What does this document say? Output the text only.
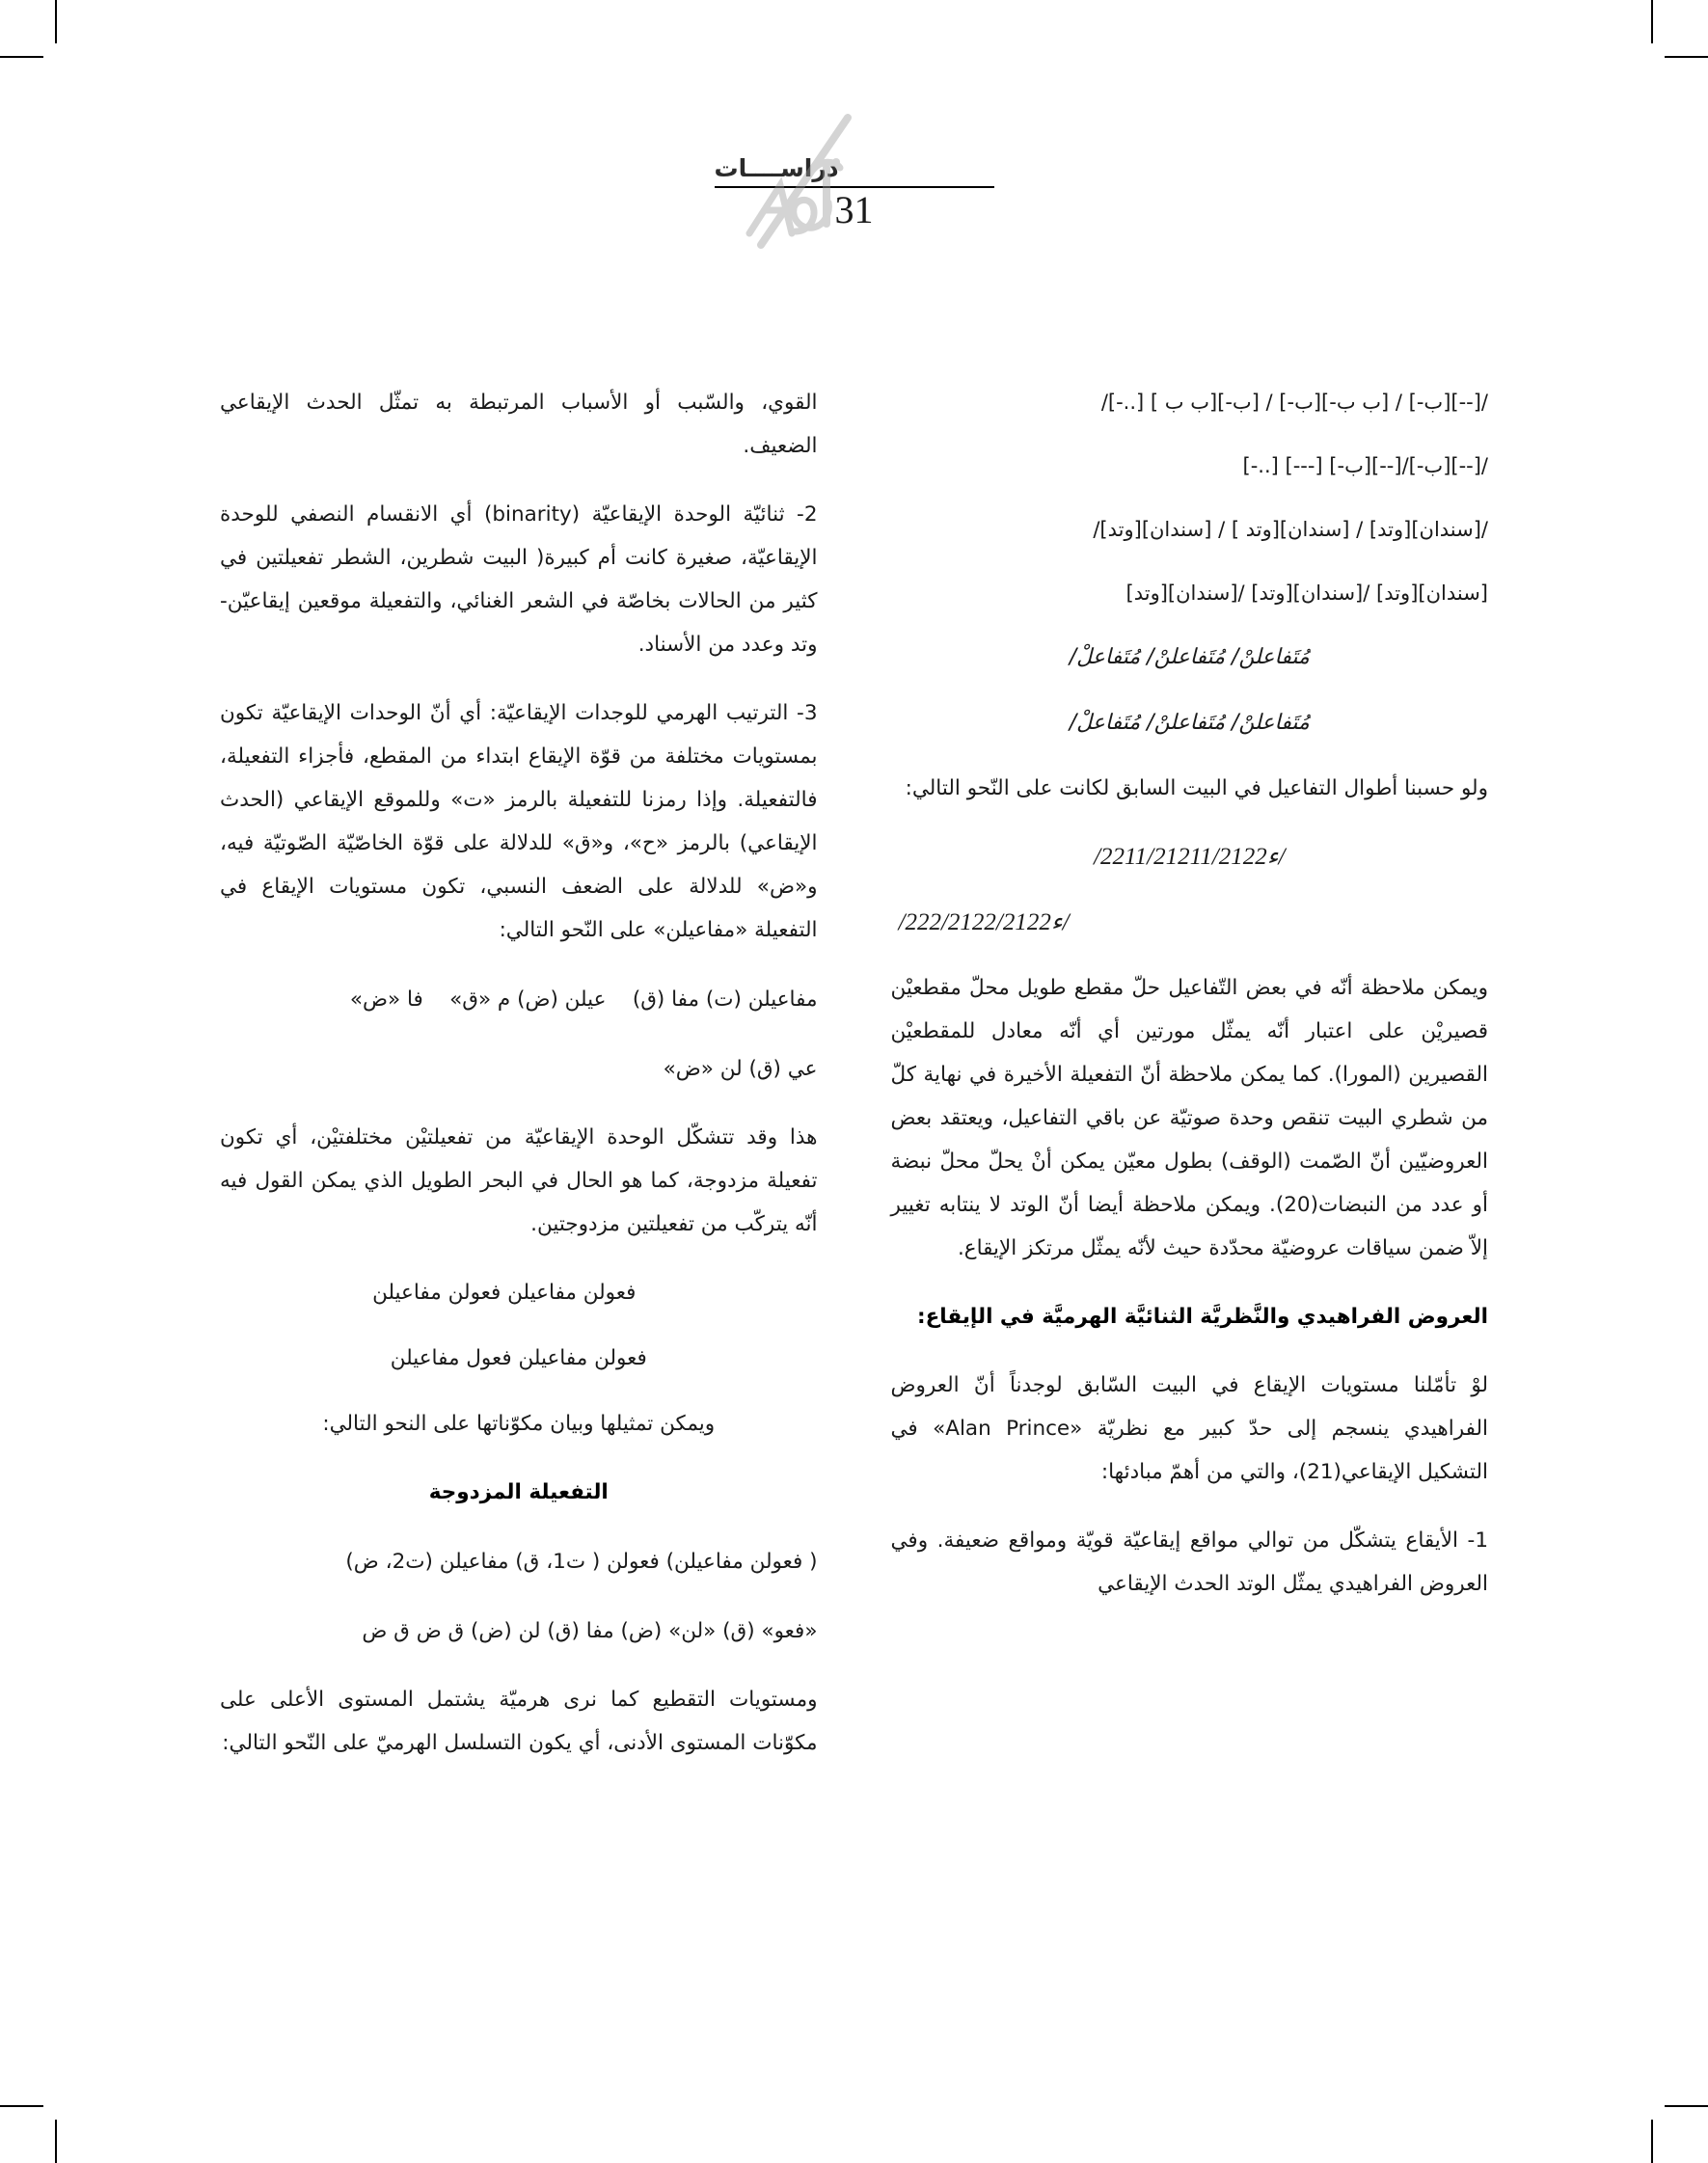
دراســــات
31
/[--][ب-] / [ب ب-][ب-] / [ب-][ب ب ] [..-]/
/[--][ب-]/[--][ب-] [---] [..-]
/[سندان][وتد] / [سندان][وتد ] / [سندان][وتد]/
[سندان][وتد] /[سندان][وتد] /[سندان][وتد]
مُتَفاعلنْ/ مُتَفاعلنْ/ مُتَفاعلْ/
مُتَفاعلنْ/ مُتَفاعلنْ/ مُتَفاعلْ/

ولو حسبنا أطوال التفاعيل في البيت السابق لكانت على النّحو التالي:

/2ء211/21211/2122/
/2ء22/2122/2122/

ويمكن ملاحظة أنّه في بعض التّفاعيل حلّ مقطع طويل محلّ مقطعيْن قصيريْن على اعتبار أنّه يمثّل مورتين أي أنّه معادل للمقطعيْن القصيرين (المورا). كما يمكن ملاحظة أنّ التفعيلة الأخيرة في نهاية كلّ من شطري البيت تنقص وحدة صوتيّة عن باقي التفاعيل، ويعتقد بعض العروضيّين أنّ الصّمت (الوقف) بطول معيّن يمكن أنْ يحلّ محلّ نبضة أو عدد من النبضات(20). ويمكن ملاحظة أيضا أنّ الوتد لا ينتابه تغيير إلاّ ضمن سياقات عروضيّة محدّدة حيث لأنّه يمثّل مرتكز الإيقاع.

العروض الفراهيدي والنَّظريَّة الثنائيَّة الهرميَّة في الإيقاع:

لوْ تأمّلنا مستويات الإيقاع في البيت السّابق لوجدناً أنّ العروض الفراهيدي ينسجم إلى حدّ كبير مع نظريّة «Alan Prince» في التشكيل الإيقاعي(21)، والتي من أهمّ مبادئها:

1- الأيقاع يتشكّل من توالي مواقع إيقاعيّة قويّة ومواقع ضعيفة. وفي العروض الفراهيدي يمثّل الوتد الحدث الإيقاعي

القوي، والسّبب أو الأسباب المرتبطة به تمثّل الحدث الإيقاعي الضعيف.

2- ثنائيّة الوحدة الإيقاعيّة (binarity) أي الانقسام النصفي للوحدة الإيقاعيّة، صغيرة كانت أم كبيرة( البيت شطرين، الشطر تفعيلتين في كثير من الحالات بخاصّة في الشعر الغنائي، والتفعيلة موقعين إيقاعيّن- وتد وعدد من الأسناد.

3- الترتيب الهرمي للوجدات الإيقاعيّة: أي أنّ الوحدات الإيقاعيّة تكون بمستويات مختلفة من قوّة الإيقاع ابتداء من المقطع، فأجزاء التفعيلة، فالتفعيلة. وإذا رمزنا للتفعيلة بالرمز «ت» وللموقع الإيقاعي (الحدث الإيقاعي) بالرمز «ح»، و«ق» للدلالة على قوّة الخاصّيّة الصّوتيّة فيه، و«ض» للدلالة على الضعف النسبي، تكون مستويات الإيقاع في التفعيلة «مفاعيلن» على النّحو التالي:

مفاعيلن (ت) مفا (ق)    عيلن (ض) م «ق»    فا «ض»
عي (ق) لن «ض»

هذا وقد تتشكّل الوحدة الإيقاعيّة من تفعيلتيْن مختلفتيْن، أي تكون تفعيلة مزدوجة، كما هو الحال في البحر الطويل الذي يمكن القول فيه أنّه يتركّب من تفعيلتين مزدوجتين.

فعولن مفاعيلن فعولن مفاعيلن
فعولن مفاعيلن فعول مفاعيلن

ويمكن تمثيلها وبيان مكوّناتها على النحو التالي:

التفعيلة المزدوجة
( فعولن مفاعيلن) فعولن ( ت1، ق) مفاعيلن (ت2، ض)
«فعو» (ق) «لن» (ض) مفا (ق) لن (ض) ق ض ق ض

ومستويات التقطيع كما نرى هرميّة يشتمل المستوى الأعلى على مكوّنات المستوى الأدنى، أي يكون التسلسل الهرميّ على النّحو التالي:
